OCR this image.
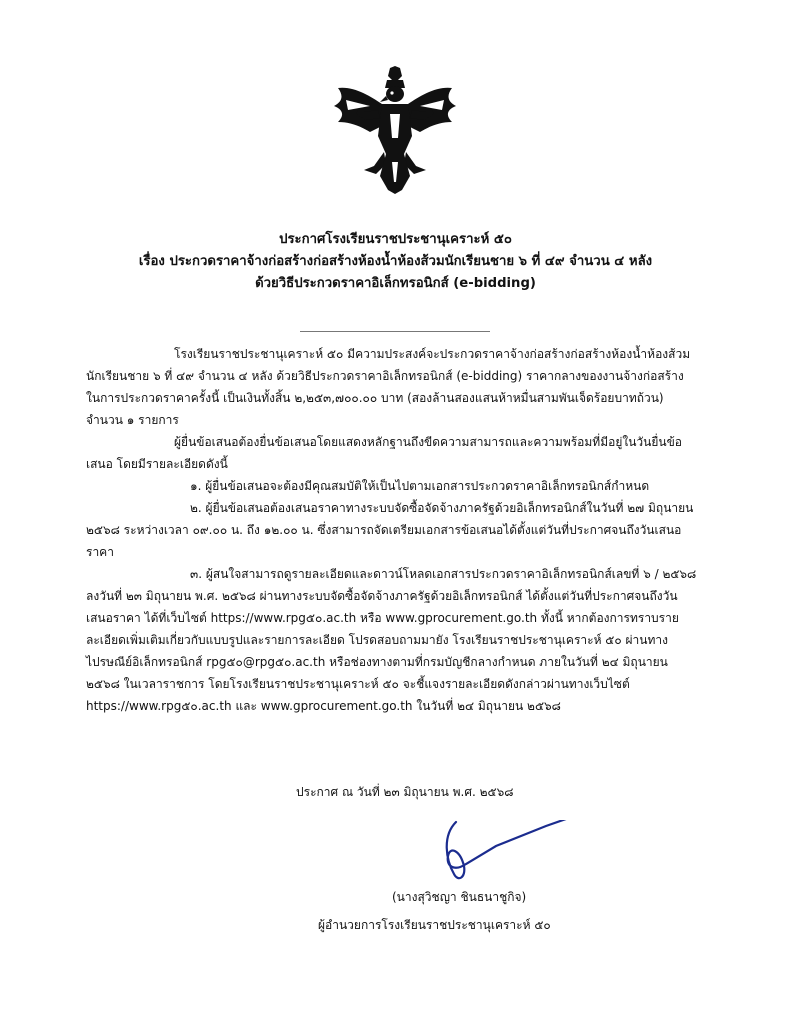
ประกาศโรงเรียนราชประชานุเคราะห์ ๕๐
เรื่อง ประกวดราคาจ้างก่อสร้างก่อสร้างห้องน้ำห้องส้วมนักเรียนชาย ๖ ที่ ๔๙ จำนวน ๔ หลัง
ด้วยวิธีประกวดราคาอิเล็กทรอนิกส์ (e-bidding)
โรงเรียนราชประชานุเคราะห์ ๕๐ มีความประสงค์จะประกวดราคาจ้างก่อสร้างก่อสร้างห้องน้ำห้องส้วมนักเรียนชาย ๖ ที่ ๔๙ จำนวน ๔ หลัง ด้วยวิธีประกวดราคาอิเล็กทรอนิกส์ (e-bidding) ราคากลางของงานจ้างก่อสร้าง ในการประกวดราคาครั้งนี้ เป็นเงินทั้งสิ้น ๒,๒๕๓,๗๐๐.๐๐ บาท (สองล้านสองแสนห้าหมื่นสามพันเจ็ดร้อยบาทถ้วน) จำนวน ๑ รายการ
ผู้ยื่นข้อเสนอต้องยื่นข้อเสนอโดยแสดงหลักฐานถึงขีดความสามารถและความพร้อมที่มีอยู่ในวันยื่นข้อเสนอ โดยมีรายละเอียดดังนี้
๑. ผู้ยื่นข้อเสนอจะต้องมีคุณสมบัติให้เป็นไปตามเอกสารประกวดราคาอิเล็กทรอนิกส์กำหนด
๒. ผู้ยื่นข้อเสนอต้องเสนอราคาทางระบบจัดซื้อจัดจ้างภาครัฐด้วยอิเล็กทรอนิกส์ในวันที่ ๒๗ มิถุนายน ๒๕๖๘ ระหว่างเวลา ๐๙.๐๐ น. ถึง ๑๒.๐๐ น. ซึ่งสามารถจัดเตรียมเอกสารข้อเสนอได้ตั้งแต่วันที่ประกาศจนถึงวันเสนอราคา
๓. ผู้สนใจสามารถดูรายละเอียดและดาวน์โหลดเอกสารประกวดราคาอิเล็กทรอนิกส์เลขที่ ๖ / ๒๕๖๘ ลงวันที่ ๒๓ มิถุนายน พ.ศ. ๒๕๖๘ ผ่านทางระบบจัดซื้อจัดจ้างภาครัฐด้วยอิเล็กทรอนิกส์ ได้ตั้งแต่วันที่ประกาศจนถึงวันเสนอราคา ได้ที่เว็บไซต์ https://www.rpg๕๐.ac.th หรือ www.gprocurement.go.th ทั้งนี้ หากต้องการทราบรายละเอียดเพิ่มเติมเกี่ยวกับแบบรูปและรายการละเอียด โปรดสอบถามมายัง โรงเรียนราชประชานุเคราะห์ ๕๐ ผ่านทางไปรษณีย์อิเล็กทรอนิกส์ rpg๕๐@rpg๕๐.ac.th หรือช่องทางตามที่กรมบัญชีกลางกำหนด ภายในวันที่ ๒๔ มิถุนายน ๒๕๖๘ ในเวลาราชการ โดยโรงเรียนราชประชานุเคราะห์ ๕๐ จะชี้แจงรายละเอียดดังกล่าวผ่านทางเว็บไซต์ https://www.rpg๕๐.ac.th และ www.gprocurement.go.th ในวันที่ ๒๔ มิถุนายน ๒๕๖๘
ประกาศ ณ วันที่ ๒๓ มิถุนายน พ.ศ. ๒๕๖๘
(นางสุวิชญา ชินธนาชูกิจ)
ผู้อำนวยการโรงเรียนราชประชานุเคราะห์ ๕๐
